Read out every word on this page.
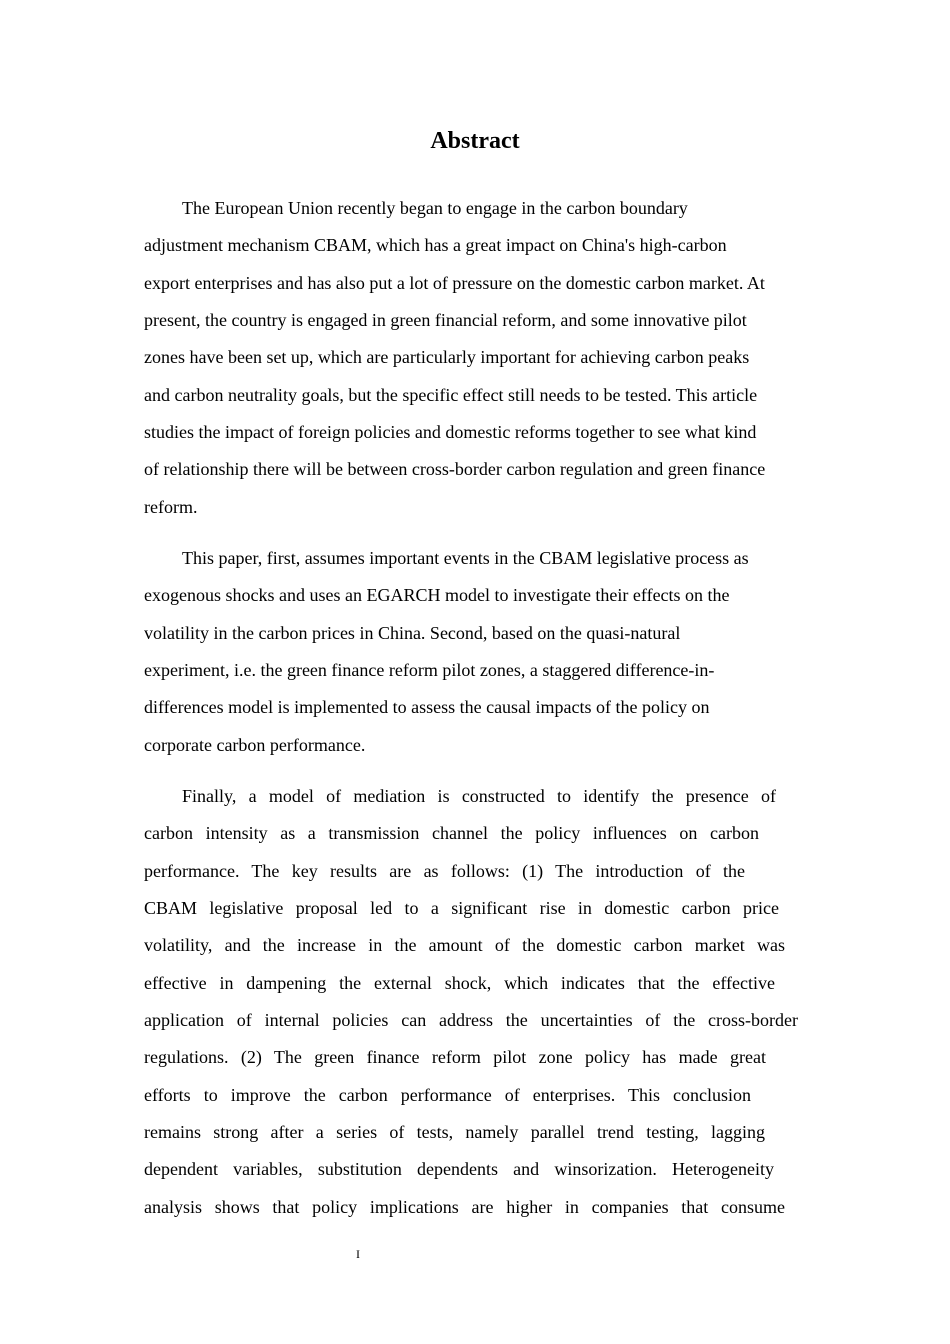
Abstract
The European Union recently began to engage in the carbon boundary
adjustment mechanism CBAM, which has a great impact on China's high-carbon
export enterprises and has also put a lot of pressure on the domestic carbon market. At
present, the country is engaged in green financial reform, and some innovative pilot
zones have been set up, which are particularly important for achieving carbon peaks
and carbon neutrality goals, but the specific effect still needs to be tested. This article
studies the impact of foreign policies and domestic reforms together to see what kind
of relationship there will be between cross-border carbon regulation and green finance
reform.
This paper, first, assumes important events in the CBAM legislative process as
exogenous shocks and uses an EGARCH model to investigate their effects on the
volatility in the carbon prices in China. Second, based on the quasi-natural
experiment, i.e. the green finance reform pilot zones, a staggered difference-in-
differences model is implemented to assess the causal impacts of the policy on
corporate carbon performance.
Finally, a model of mediation is constructed to identify the presence of
carbon intensity as a transmission channel the policy influences on carbon
performance. The key results are as follows: (1) The introduction of the
CBAM legislative proposal led to a significant rise in domestic carbon price
volatility, and the increase in the amount of the domestic carbon market was
effective in dampening the external shock, which indicates that the effective
application of internal policies can address the uncertainties of the cross-border
regulations. (2) The green finance reform pilot zone policy has made great
efforts to improve the carbon performance of enterprises. This conclusion
remains strong after a series of tests, namely parallel trend testing, lagging
dependent variables, substitution dependents and winsorization. Heterogeneity
analysis shows that policy implications are higher in companies that consume
I
